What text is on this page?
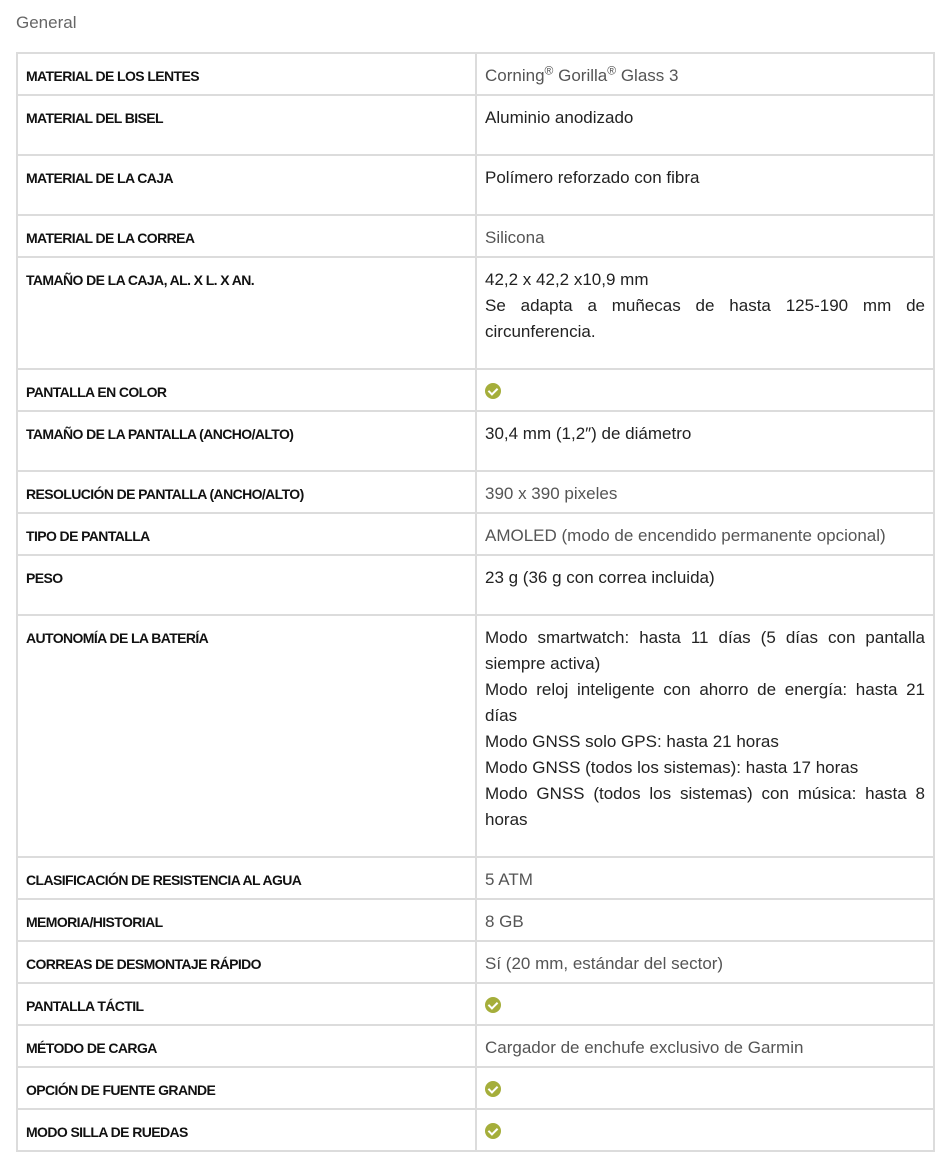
General
MATERIAL DE LOS LENTES	Corning® Gorilla® Glass 3
MATERIAL DEL BISEL	Aluminio anodizado

MATERIAL DE LA CAJA	Polímero reforzado con fibra

MATERIAL DE LA CORREA	Silicona

TAMAÑO DE LA CAJA, AL. X L. X AN.	42,2 x 42,2 x10,9 mm
Se adapta a muñecas de hasta 125-190 mm de circunferencia.

PANTALLA EN COLOR	
TAMAÑO DE LA PANTALLA (ANCHO/ALTO)	30,4 mm (1,2″) de diámetro

RESOLUCIÓN DE PANTALLA (ANCHO/ALTO)	390 x 390 pixeles

TIPO DE PANTALLA	AMOLED (modo de encendido permanente opcional)

PESO	23 g (36 g con correa incluida)

AUTONOMÍA DE LA BATERÍA	Modo smartwatch: hasta 11 días (5 días con pantalla siempre activa)
Modo reloj inteligente con ahorro de energía: hasta 21 días
Modo GNSS solo GPS: hasta 21 horas
Modo GNSS (todos los sistemas): hasta 17 horas
Modo GNSS (todos los sistemas) con música: hasta 8 horas

CLASIFICACIÓN DE RESISTENCIA AL AGUA	5 ATM

MEMORIA/HISTORIAL	8 GB

CORREAS DE DESMONTAJE RÁPIDO	Sí (20 mm, estándar del sector)

PANTALLA TÁCTIL	
MÉTODO DE CARGA	Cargador de enchufe exclusivo de Garmin

OPCIÓN DE FUENTE GRANDE	
MODO SILLA DE RUEDAS	
